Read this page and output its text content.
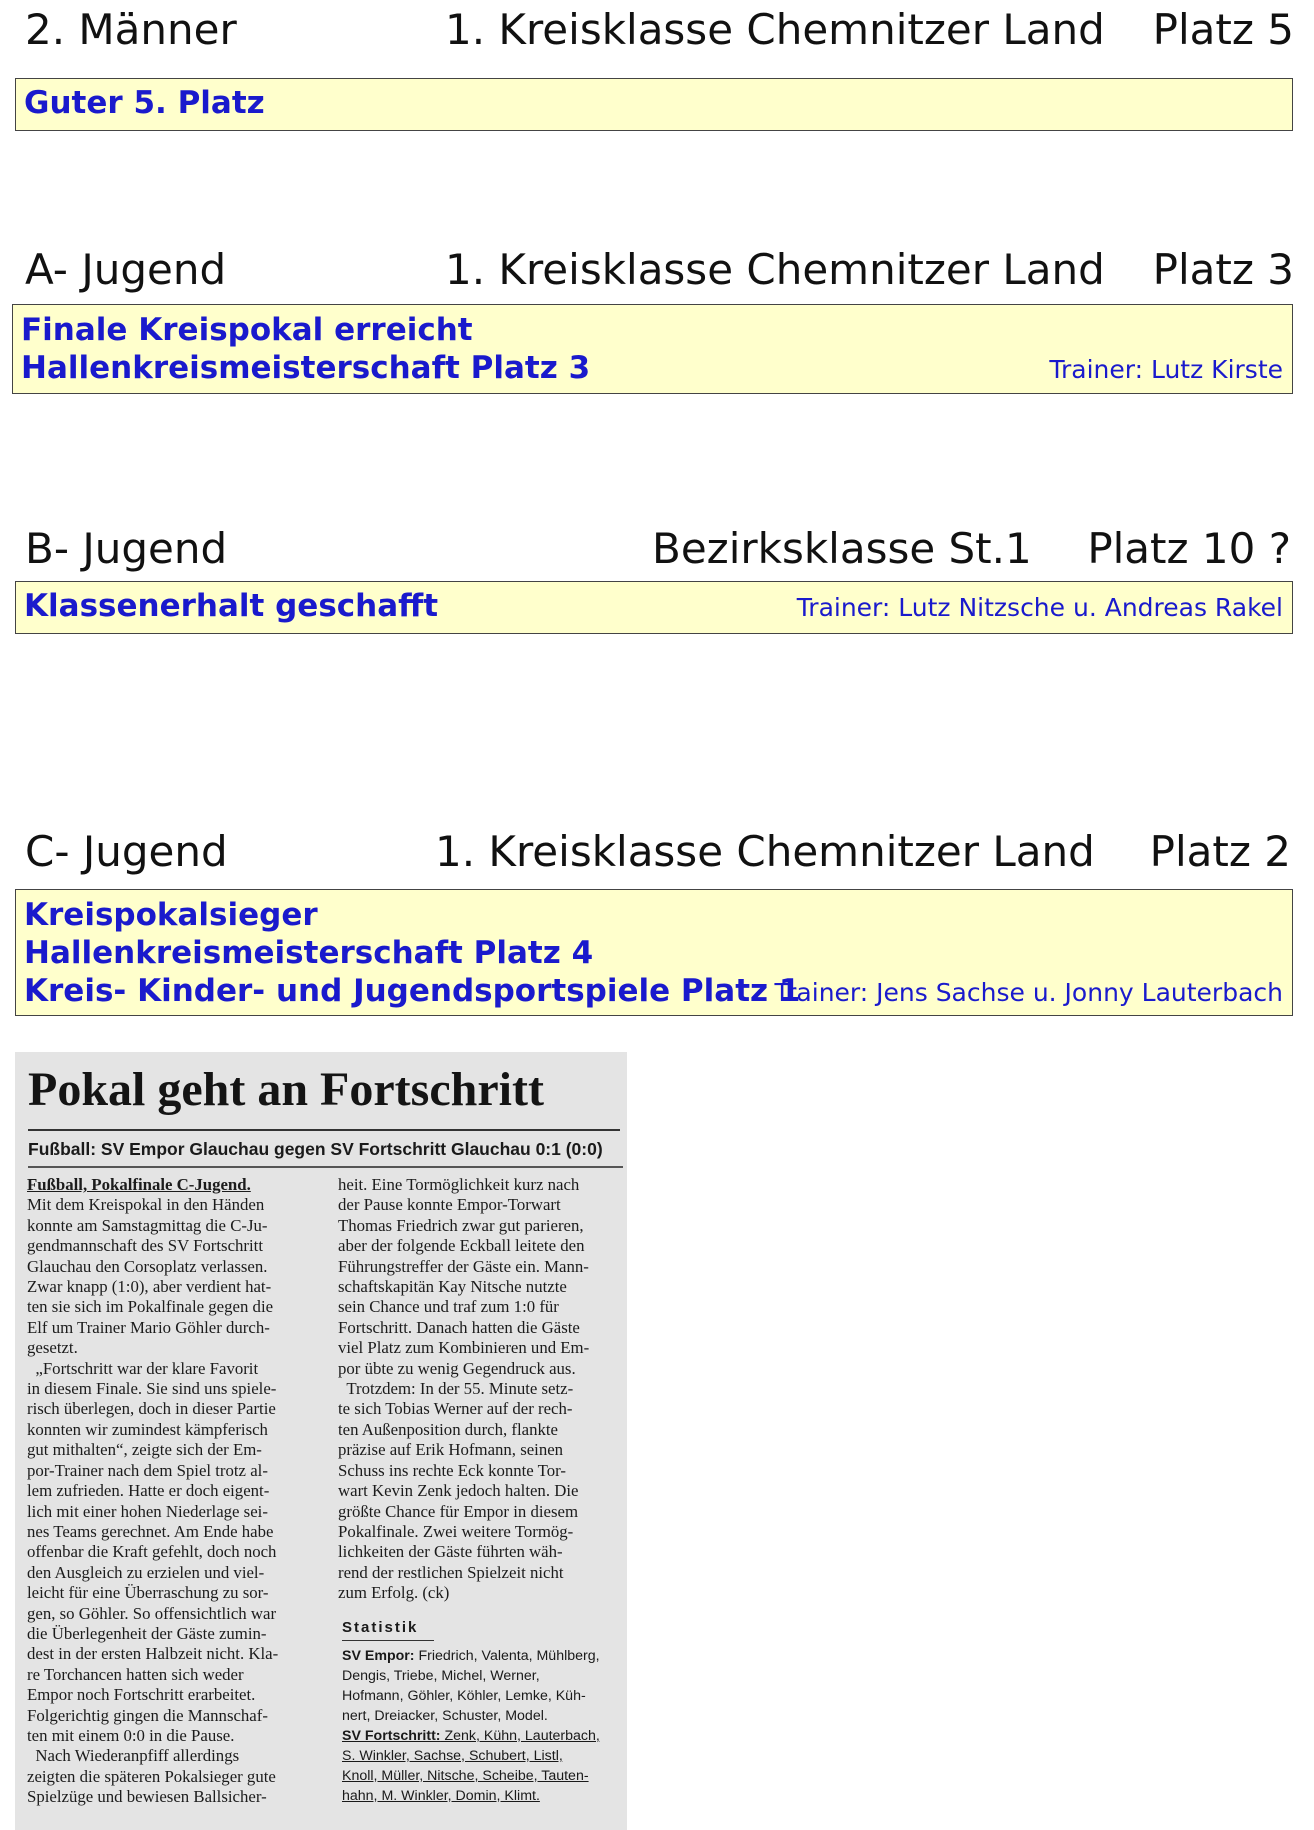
2. Männer	1. Kreisklasse Chemnitzer Land Platz 5
Guter 5. Platz
A- Jugend	1. Kreisklasse Chemnitzer Land Platz 3
Finale Kreispokal erreicht
Hallenkreismeisterschaft Platz 3	Trainer: Lutz Kirste
B- Jugend	Bezirksklasse St.1 Platz 10 ?
Klassenerhalt geschafft	Trainer: Lutz Nitzsche u. Andreas Rakel
C- Jugend	1. Kreisklasse Chemnitzer Land Platz 2
Kreispokalsieger
Hallenkreismeisterschaft Platz 4
Kreis- Kinder- und Jugendsportspiele Platz 1
Trainer: Jens Sachse u. Jonny Lauterbach
Pokal geht an Fortschritt
Fußball: SV Empor Glauchau gegen SV Fortschritt Glauchau 0:1 (0:0)
Fußball, Pokalfinale C-Jugend.
Mit dem Kreispokal in den Händen
konnte am Samstagmittag die C-Ju-
gendmannschaft des SV Fortschritt
Glauchau den Corsoplatz verlassen.
Zwar knapp (1:0), aber verdient hat-
ten sie sich im Pokalfinale gegen die
Elf um Trainer Mario Göhler durch-
gesetzt.
„Fortschritt war der klare Favorit
in diesem Finale. Sie sind uns spiele-
risch überlegen, doch in dieser Partie
konnten wir zumindest kämpferisch
gut mithalten“, zeigte sich der Em-
por-Trainer nach dem Spiel trotz al-
lem zufrieden. Hatte er doch eigent-
lich mit einer hohen Niederlage sei-
nes Teams gerechnet. Am Ende habe
offenbar die Kraft gefehlt, doch noch
den Ausgleich zu erzielen und viel-
leicht für eine Überraschung zu sor-
gen, so Göhler. So offensichtlich war
die Überlegenheit der Gäste zumin-
dest in der ersten Halbzeit nicht. Kla-
re Torchancen hatten sich weder
Empor noch Fortschritt erarbeitet.
Folgerichtig gingen die Mannschaf-
ten mit einem 0:0 in die Pause.
Nach Wiederanpfiff allerdings
zeigten die späteren Pokalsieger gute
Spielzüge und bewiesen Ballsicher-
heit. Eine Tormöglichkeit kurz nach
der Pause konnte Empor-Torwart
Thomas Friedrich zwar gut parieren,
aber der folgende Eckball leitete den
Führungstreffer der Gäste ein. Mann-
schaftskapitän Kay Nitsche nutzte
sein Chance und traf zum 1:0 für
Fortschritt. Danach hatten die Gäste
viel Platz zum Kombinieren und Em-
por übte zu wenig Gegendruck aus.
Trotzdem: In der 55. Minute setz-
te sich Tobias Werner auf der rech-
ten Außenposition durch, flankte
präzise auf Erik Hofmann, seinen
Schuss ins rechte Eck konnte Tor-
wart Kevin Zenk jedoch halten. Die
größte Chance für Empor in diesem
Pokalfinale. Zwei weitere Tormög-
lichkeiten der Gäste führten wäh-
rend der restlichen Spielzeit nicht
zum Erfolg. (ck)
Statistik
SV Empor: Friedrich, Valenta, Mühlberg,
Dengis, Triebe, Michel, Werner,
Hofmann, Göhler, Köhler, Lemke, Küh-
nert, Dreiacker, Schuster, Model.
SV Fortschritt: Zenk, Kühn, Lauterbach,
S. Winkler, Sachse, Schubert, Listl,
Knoll, Müller, Nitsche, Scheibe, Tauten-
hahn, M. Winkler, Domin, Klimt.
